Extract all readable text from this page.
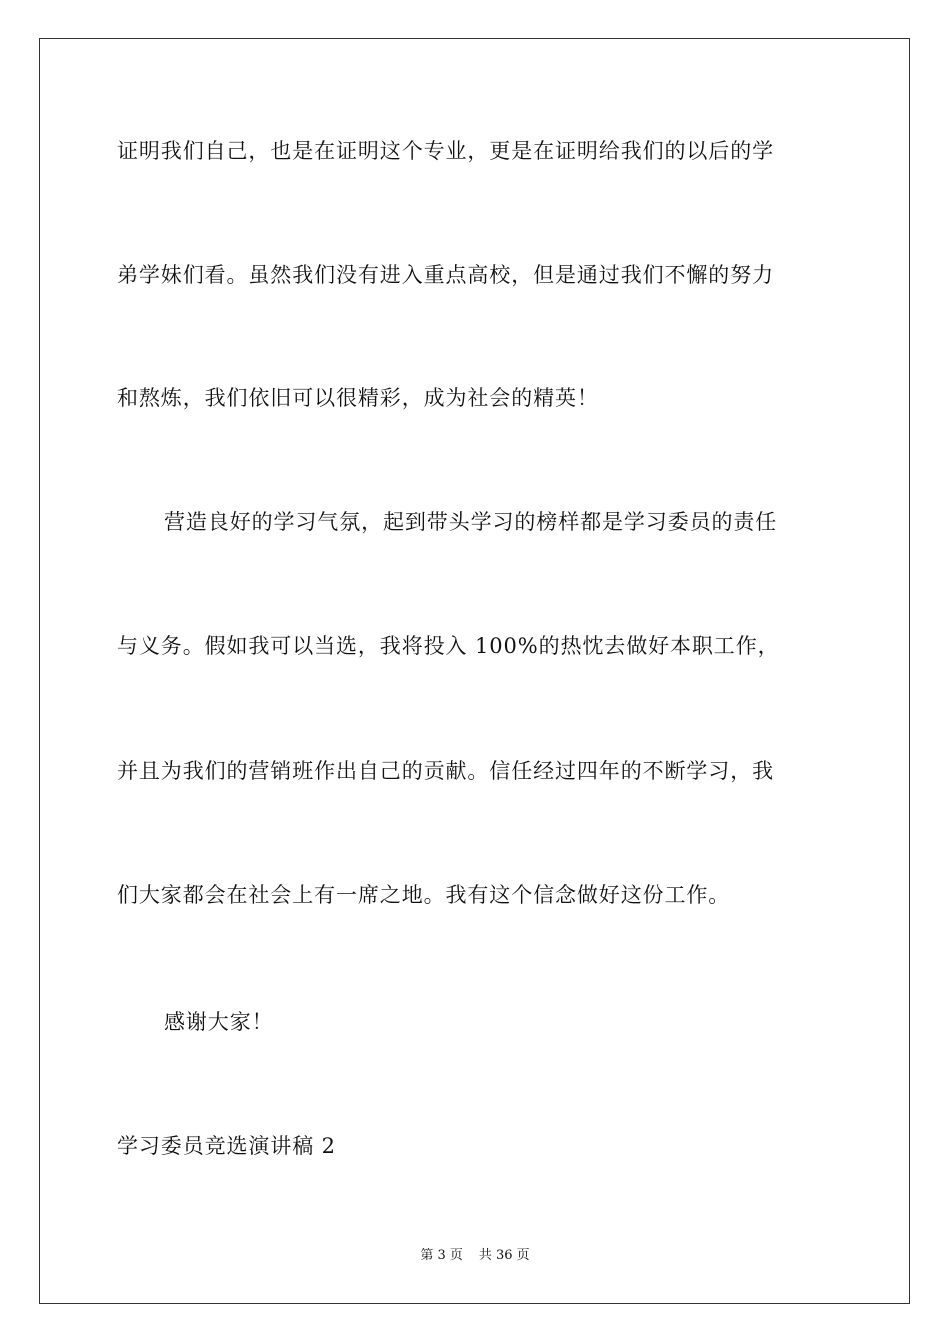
证明我们自己，也是在证明这个专业，更是在证明给我们的以后的学
弟学妹们看。虽然我们没有进入重点高校，但是通过我们不懈的努力
和熬炼，我们依旧可以很精彩，成为社会的精英！
营造良好的学习气氛，起到带头学习的榜样都是学习委员的责任
与义务。假如我可以当选，我将投入 100%的热忱去做好本职工作，
并且为我们的营销班作出自己的贡献。信任经过四年的不断学习，我
们大家都会在社会上有一席之地。我有这个信念做好这份工作。
感谢大家！
学习委员竞选演讲稿 2
第 3 页 共 36 页
